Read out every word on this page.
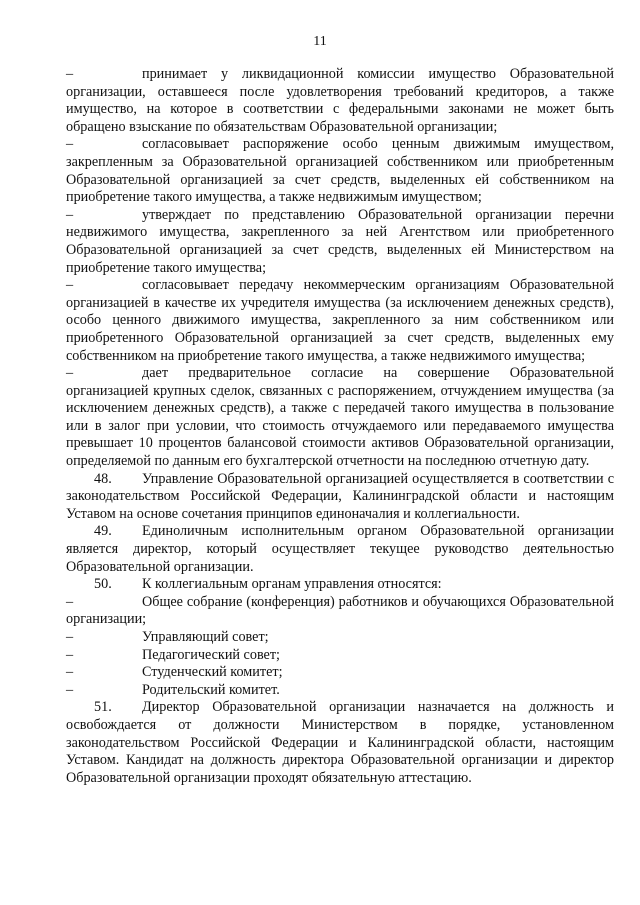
11

–	принимает у ликвидационной комиссии имущество Образовательной организации, оставшееся после удовлетворения требований кредиторов, а также имущество, на которое в соответствии с федеральными законами не может быть обращено взыскание по обязательствам Образовательной организации;

–	согласовывает распоряжение особо ценным движимым имуществом, закрепленным за Образовательной организацией собственником или приобретенным Образовательной организацией за счет средств, выделенных ей собственником на приобретение такого имущества, а также недвижимым имуществом;

–	утверждает по представлению Образовательной организации перечни недвижимого имущества, закрепленного за ней Агентством или приобретенного Образовательной организацией за счет средств, выделенных ей Министерством на приобретение такого имущества;

–	согласовывает передачу некоммерческим организациям Образовательной организацией в качестве их учредителя имущества (за исключением денежных средств), особо ценного движимого имущества, закрепленного за ним собственником или приобретенного Образовательной организацией за счет средств, выделенных ему собственником на приобретение такого имущества, а также недвижимого имущества;

–	дает предварительное согласие на совершение Образовательной организацией крупных сделок, связанных с распоряжением, отчуждением имущества (за исключением денежных средств), а также с передачей такого имущества в пользование или в залог при условии, что стоимость отчуждаемого или передаваемого имущества превышает 10 процентов балансовой стоимости активов Образовательной организации, определяемой по данным его бухгалтерской отчетности на последнюю отчетную дату.

48. Управление Образовательной организацией осуществляется в соответствии с законодательством Российской Федерации, Калининградской области и настоящим Уставом на основе сочетания принципов единоначалия и коллегиальности.

49. Единоличным исполнительным органом Образовательной организации является директор, который осуществляет текущее руководство деятельностью Образовательной организации.

50. К коллегиальным органам управления относятся:

–	Общее собрание (конференция) работников и обучающихся Образовательной организации;

–	Управляющий совет;

–	Педагогический совет;

–	Студенческий комитет;

–	Родительский комитет.

51. Директор Образовательной организации назначается на должность и освобождается от должности Министерством в порядке, установленном законодательством Российской Федерации и Калининградской области, настоящим Уставом. Кандидат на должность директора Образовательной организации и директор Образовательной организации проходят обязательную аттестацию.
